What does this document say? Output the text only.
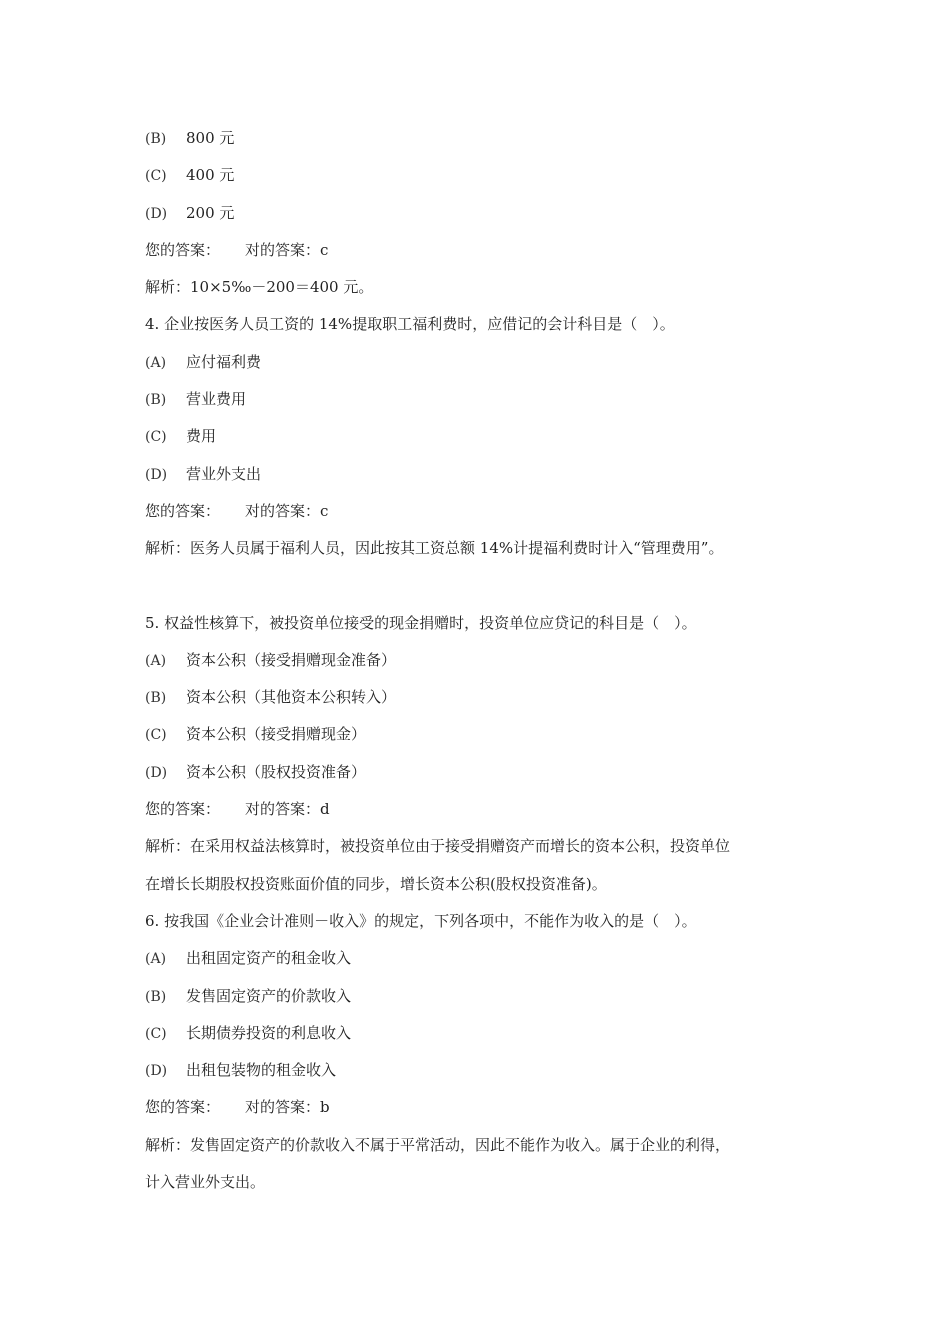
(B) 800 元
(C) 400 元
(D) 200 元
您的答案： 对的答案：c
解析：10×5‰－200＝400 元。
4. 企业按医务人员工资的 14%提取职工福利费时，应借记的会计科目是（　）。
(A) 应付福利费
(B) 营业费用
(C) 费用
(D) 营业外支出
您的答案： 对的答案：c
解析：医务人员属于福利人员，因此按其工资总额 14%计提福利费时计入“管理费用”。
5. 权益性核算下，被投资单位接受的现金捐赠时，投资单位应贷记的科目是（　）。
(A) 资本公积（接受捐赠现金准备）
(B) 资本公积（其他资本公积转入）
(C) 资本公积（接受捐赠现金）
(D) 资本公积（股权投资准备）
您的答案： 对的答案：d
解析：在采用权益法核算时，被投资单位由于接受捐赠资产而增长的资本公积，投资单位
在增长长期股权投资账面价值的同步，增长资本公积(股权投资准备)。
6. 按我国《企业会计准则－收入》的规定，下列各项中，不能作为收入的是（　）。
(A) 出租固定资产的租金收入
(B) 发售固定资产的价款收入
(C) 长期债券投资的利息收入
(D) 出租包装物的租金收入
您的答案： 对的答案：b
解析：发售固定资产的价款收入不属于平常活动，因此不能作为收入。属于企业的利得，
计入营业外支出。
